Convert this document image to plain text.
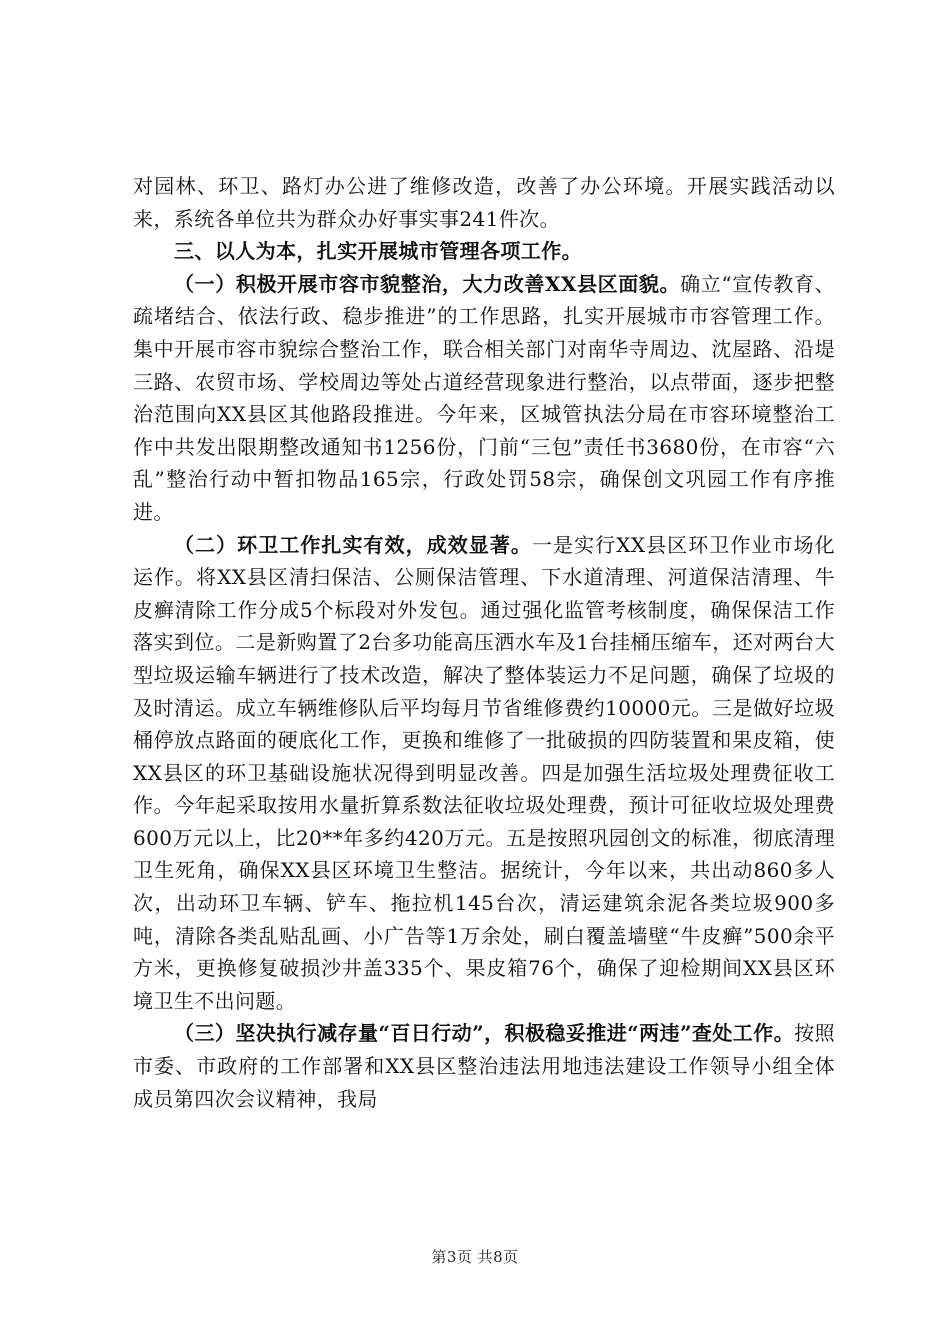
对园林、环卫、路灯办公进了维修改造，改善了办公环境。开展实践活动以来，系统各单位共为群众办好事实事241件次。

三、以人为本，扎实开展城市管理各项工作。

（一）积极开展市容市貌整治，大力改善XX县区面貌。确立“宣传教育、疏堵结合、依法行政、稳步推进”的工作思路，扎实开展城市市容管理工作。集中开展市容市貌综合整治工作，联合相关部门对南华寺周边、沈屋路、沿堤三路、农贸市场、学校周边等处占道经营现象进行整治，以点带面，逐步把整治范围向XX县区其他路段推进。今年来，区城管执法分局在市容环境整治工作中共发出限期整改通知书1256份，门前“三包”责任书3680份，在市容“六乱”整治行动中暂扣物品165宗，行政处罚58宗，确保创文巩园工作有序推进。

（二）环卫工作扎实有效，成效显著。一是实行XX县区环卫作业市场化运作。将XX县区清扫保洁、公厕保洁管理、下水道清理、河道保洁清理、牛皮癣清除工作分成5个标段对外发包。通过强化监管考核制度，确保保洁工作落实到位。二是新购置了2台多功能高压洒水车及1台挂桶压缩车，还对两台大型垃圾运输车辆进行了技术改造，解决了整体装运力不足问题，确保了垃圾的及时清运。成立车辆维修队后平均每月节省维修费约10000元。三是做好垃圾桶停放点路面的硬底化工作，更换和维修了一批破损的四防装置和果皮箱，使XX县区的环卫基础设施状况得到明显改善。四是加强生活垃圾处理费征收工作。今年起采取按用水量折算系数法征收垃圾处理费，预计可征收垃圾处理费600万元以上，比20**年多约420万元。五是按照巩园创文的标准，彻底清理卫生死角，确保XX县区环境卫生整洁。据统计，今年以来，共出动860多人次，出动环卫车辆、铲车、拖拉机145台次，清运建筑余泥各类垃圾900多吨，清除各类乱贴乱画、小广告等1万余处，刷白覆盖墙壁“牛皮癣”500余平方米，更换修复破损沙井盖335个、果皮箱76个，确保了迎检期间XX县区环境卫生不出问题。

（三）坚决执行减存量“百日行动”，积极稳妥推进“两违”查处工作。按照市委、市政府的工作部署和XX县区整治违法用地违法建设工作领导小组全体成员第四次会议精神，我局

第3页 共8页
